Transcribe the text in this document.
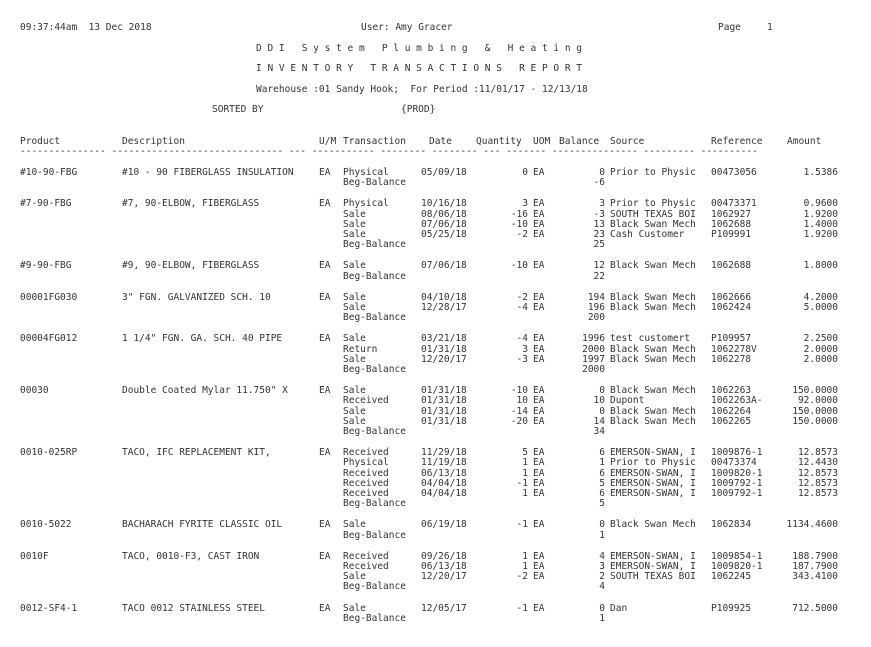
09:37:44am  13 Dec 2018	User: Amy Gracer	Page	1
D D I   S y s t e m   P l u m b i n g   &   H e a t i n g
I N V E N T O R Y   T R A N S A C T I O N S   R E P O R T
Warehouse :01 Sandy Hook;  For Period :11/01/17 - 12/13/18
SORTED BY	{PROD}
Product	Description	U/M Transaction Date	Quantity UOM Balance Source	Reference	Amount
--------------- ------------------------------ --- ----------- -------- -------- --- ------- --------------- --------- ----------
#10-90-FBG	#10 - 90 FIBERGLASS INSULATION	EA Physical	05/09/18	0 EA	0 Prior to Physic 00473056	1.5386
Beg-Balance	-6
#7-90-FBG	#7, 90-ELBOW, FIBERGLASS	EA Physical	10/16/18	3 EA	3 Prior to Physic 00473371	0.9600
Sale	08/06/18	-16 EA	-3 SOUTH TEXAS BOI 1062927	1.9200
Sale	07/06/18	-10 EA	13 Black Swan Mech 1062688	1.4000
Sale	05/25/18	-2 EA	23 Cash Customer	P109991	1.9200
Beg-Balance	25
#9-90-FBG	#9, 90-ELBOW, FIBERGLASS	EA Sale	07/06/18	-10 EA	12 Black Swan Mech 1062688	1.8000
Beg-Balance	22
00001FG030	3" FGN. GALVANIZED SCH. 10	EA Sale	04/10/18	-2 EA	194 Black Swan Mech 1062666	4.2000
Sale	12/28/17	-4 EA	196 Black Swan Mech 1062424	5.0000
Beg-Balance	200
00004FG012	1 1/4" FGN. GA. SCH. 40 PIPE	EA Sale	03/21/18	-4 EA	1996 test customert P109957	2.2500
Return	01/31/18	3 EA	2000 Black Swan Mech 1062278V	2.0000
Sale	12/20/17	-3 EA	1997 Black Swan Mech 1062278	2.0000
Beg-Balance	2000
00030	Double Coated Mylar 11.750" X	EA Sale	01/31/18	-10 EA	0 Black Swan Mech 1062263	150.0000
Received	01/31/18	10 EA	10 Dupont	1062263A-	92.0000
Sale	01/31/18	-14 EA	0 Black Swan Mech 1062264	150.0000
Sale	01/31/18	-20 EA	14 Black Swan Mech 1062265	150.0000
Beg-Balance	34
0010-025RP	TACO, IFC REPLACEMENT KIT,	EA Received	11/29/18	5 EA	6 EMERSON-SWAN, I 1009876-1	12.8573
Physical	11/19/18	1 EA	1 Prior to Physic 00473374	12.4430
Received	06/13/18	1 EA	6 EMERSON-SWAN, I 1009820-1	12.8573
Received	04/04/18	-1 EA	5 EMERSON-SWAN, I 1009792-1	12.8573
Received	04/04/18	1 EA	6 EMERSON-SWAN, I 1009792-1	12.8573
Beg-Balance	5
0010-5022	BACHARACH FYRITE CLASSIC OIL	EA Sale	06/19/18	-1 EA	0 Black Swan Mech 1062834	1134.4600
Beg-Balance	1
0010F	TACO, 0010-F3, CAST IRON	EA Received	09/26/18	1 EA	4 EMERSON-SWAN, I 1009854-1	188.7900
Received	06/13/18	1 EA	3 EMERSON-SWAN, I 1009820-1	187.7900
Sale	12/20/17	-2 EA	2 SOUTH TEXAS BOI 1062245	343.4100
Beg-Balance	4
0012-SF4-1	TACO 0012 STAINLESS STEEL	EA Sale	12/05/17	-1 EA	0 Dan	P109925	712.5000
Beg-Balance	1
